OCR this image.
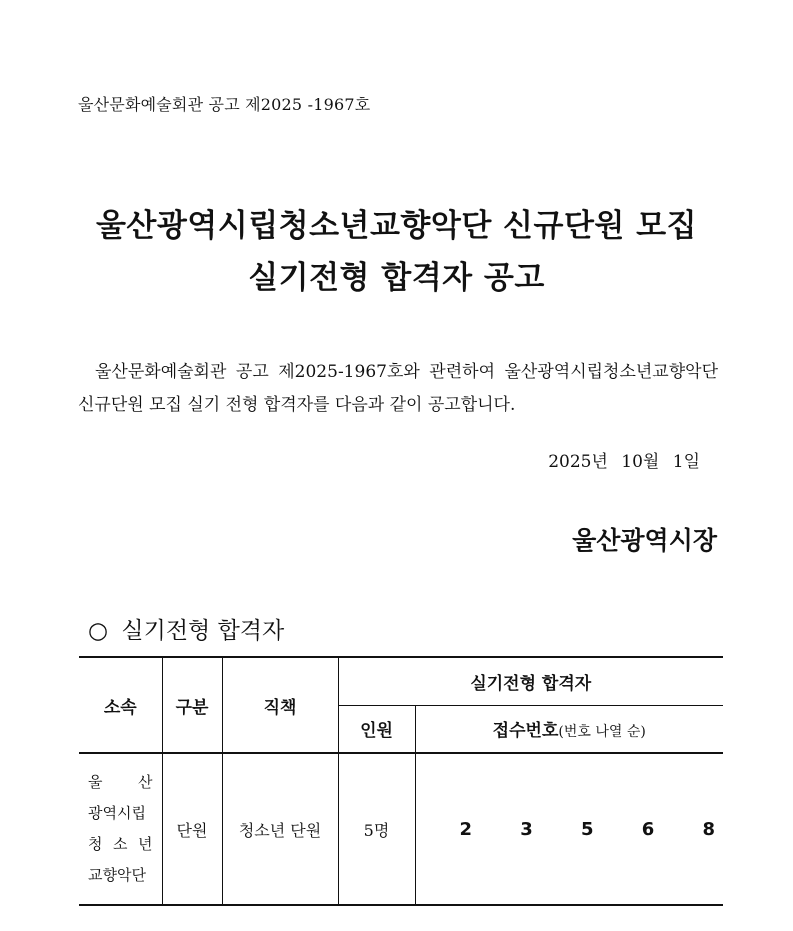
울산문화예술회관 공고 제2025 -1967호
울산광역시립청소년교향악단 신규단원 모집
실기전형 합격자 공고
울산문화예술회관 공고 제2025-1967호와 관련하여 울산광역시립청소년교향악단 신규단원 모집 실기 전형 합격자를 다음과 같이 공고합니다.
2025년 10월 1일
울산광역시장
○ 실기전형 합격자
소속	구분	직책	실기전형 합격자	
			인원	접수번호(번호 나열 순)

울　산
광역시립
청 소 년
교향악단	단원	청소년 단원	5명	2 3 5 6 8
